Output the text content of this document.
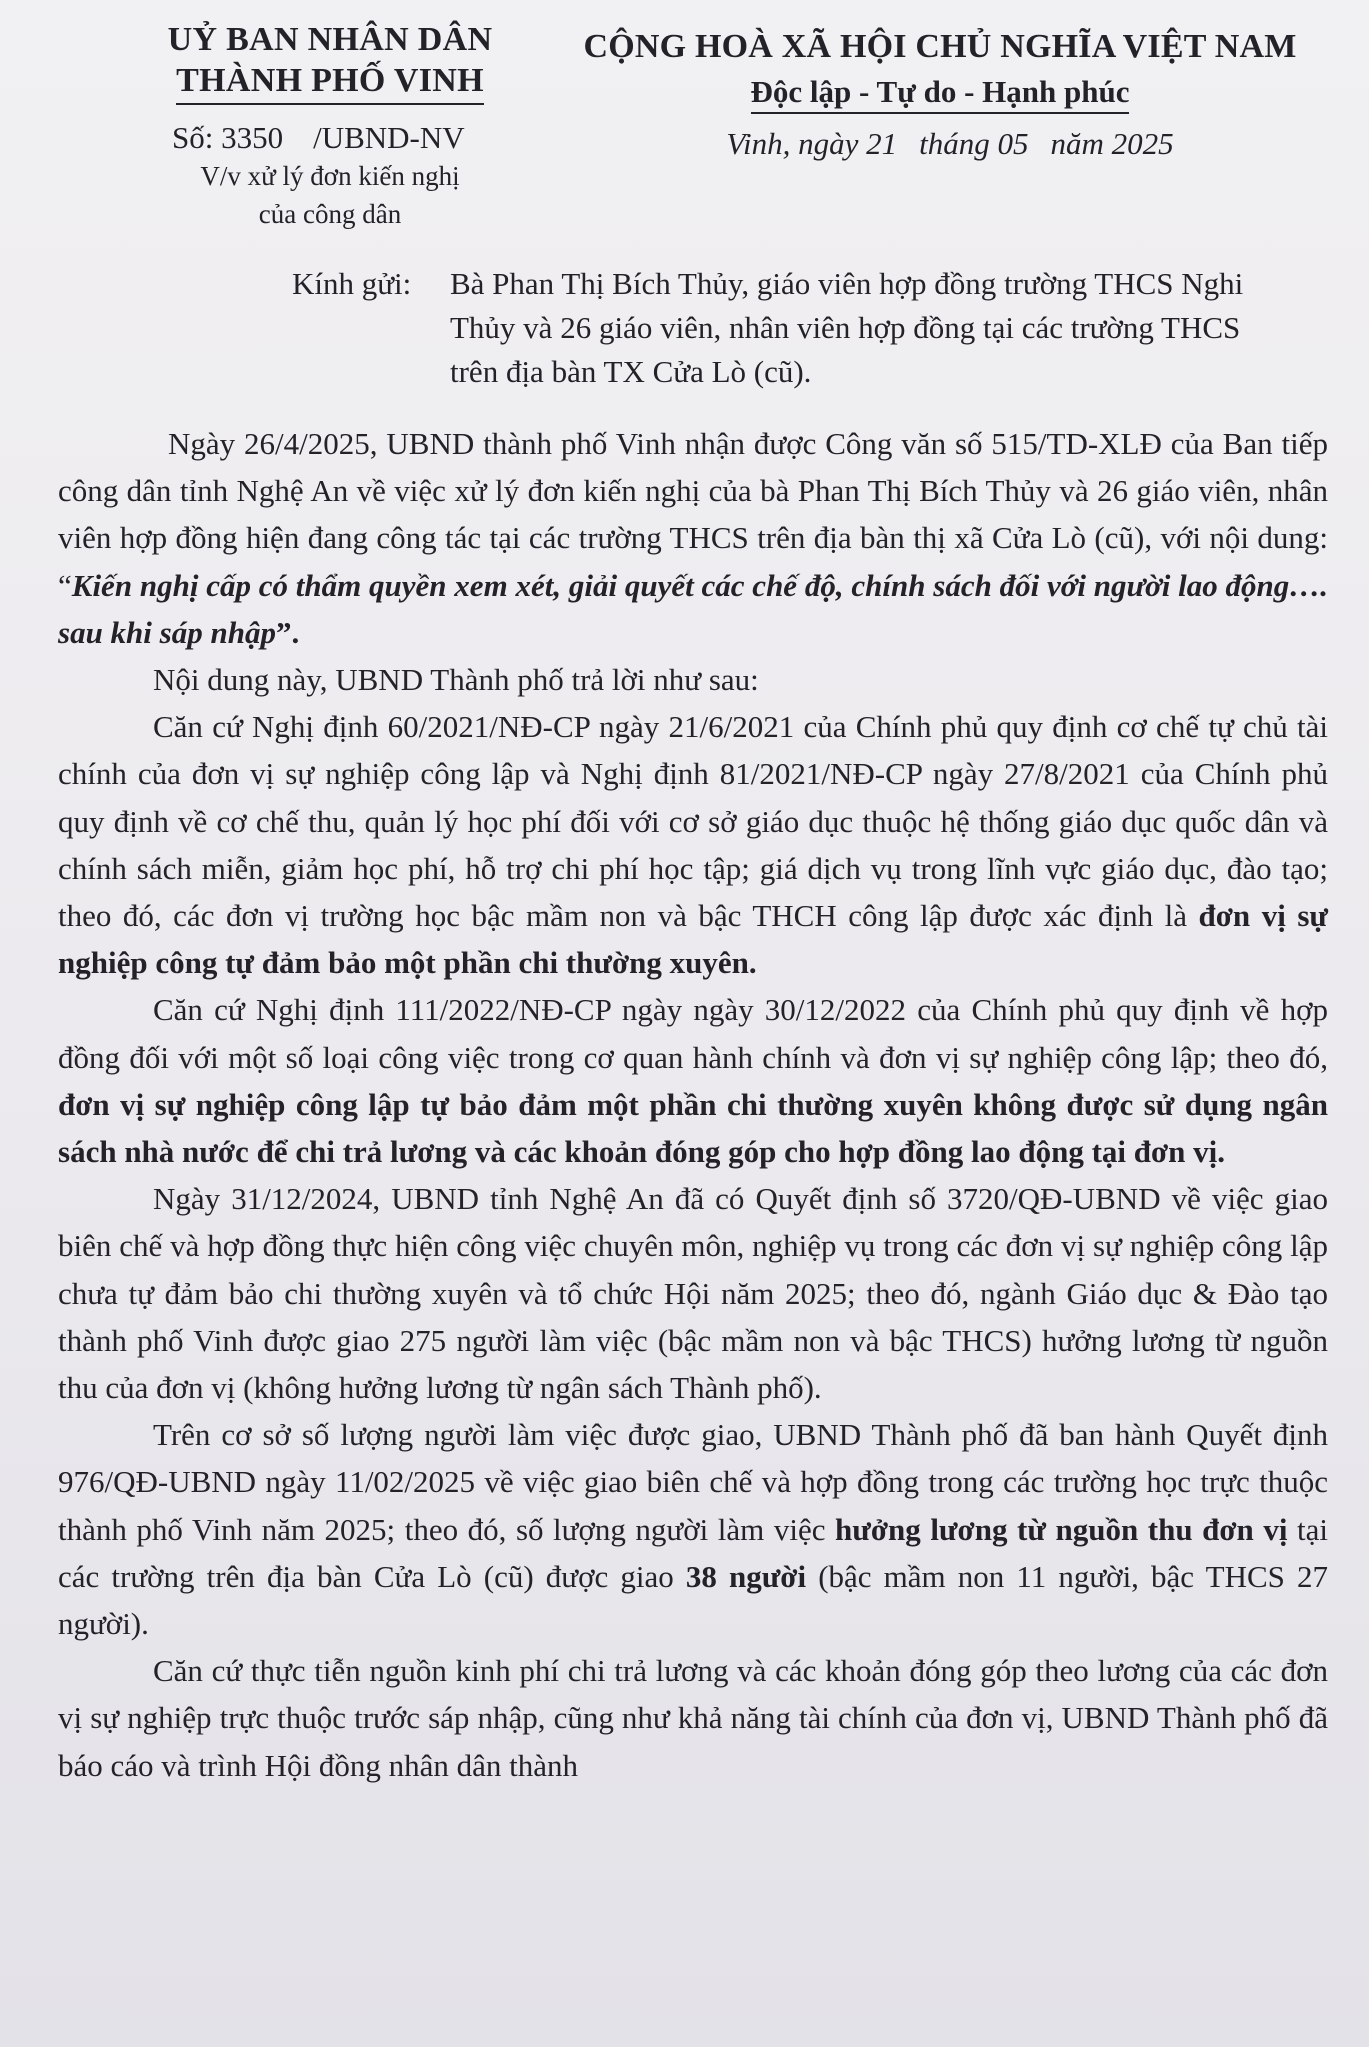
UỶ BAN NHÂN DÂN
THÀNH PHỐ VINH
Số: 3350 /UBND-NV
V/v xử lý đơn kiến nghị
của công dân
CỘNG HOÀ XÃ HỘI CHỦ NGHĨA VIỆT NAM
Độc lập - Tự do - Hạnh phúc
Vinh, ngày 21 tháng 05 năm 2025
Kính gửi: Bà Phan Thị Bích Thủy, giáo viên hợp đồng trường THCS Nghi Thủy và 26 giáo viên, nhân viên hợp đồng tại các trường THCS trên địa bàn TX Cửa Lò (cũ).

Ngày 26/4/2025, UBND thành phố Vinh nhận được Công văn số 515/TD-XLĐ của Ban tiếp công dân tỉnh Nghệ An về việc xử lý đơn kiến nghị của bà Phan Thị Bích Thủy và 26 giáo viên, nhân viên hợp đồng hiện đang công tác tại các trường THCS trên địa bàn thị xã Cửa Lò (cũ), với nội dung: “Kiến nghị cấp có thẩm quyền xem xét, giải quyết các chế độ, chính sách đối với người lao động…. sau khi sáp nhập”.

Nội dung này, UBND Thành phố trả lời như sau:

Căn cứ Nghị định 60/2021/NĐ-CP ngày 21/6/2021 của Chính phủ quy định cơ chế tự chủ tài chính của đơn vị sự nghiệp công lập và Nghị định 81/2021/NĐ-CP ngày 27/8/2021 của Chính phủ quy định về cơ chế thu, quản lý học phí đối với cơ sở giáo dục thuộc hệ thống giáo dục quốc dân và chính sách miễn, giảm học phí, hỗ trợ chi phí học tập; giá dịch vụ trong lĩnh vực giáo dục, đào tạo; theo đó, các đơn vị trường học bậc mầm non và bậc THCH công lập được xác định là đơn vị sự nghiệp công tự đảm bảo một phần chi thường xuyên.

Căn cứ Nghị định 111/2022/NĐ-CP ngày ngày 30/12/2022 của Chính phủ quy định về hợp đồng đối với một số loại công việc trong cơ quan hành chính và đơn vị sự nghiệp công lập; theo đó, đơn vị sự nghiệp công lập tự bảo đảm một phần chi thường xuyên không được sử dụng ngân sách nhà nước để chi trả lương và các khoản đóng góp cho hợp đồng lao động tại đơn vị.

Ngày 31/12/2024, UBND tỉnh Nghệ An đã có Quyết định số 3720/QĐ-UBND về việc giao biên chế và hợp đồng thực hiện công việc chuyên môn, nghiệp vụ trong các đơn vị sự nghiệp công lập chưa tự đảm bảo chi thường xuyên và tổ chức Hội năm 2025; theo đó, ngành Giáo dục & Đào tạo thành phố Vinh được giao 275 người làm việc (bậc mầm non và bậc THCS) hưởng lương từ nguồn thu của đơn vị (không hưởng lương từ ngân sách Thành phố).

Trên cơ sở số lượng người làm việc được giao, UBND Thành phố đã ban hành Quyết định 976/QĐ-UBND ngày 11/02/2025 về việc giao biên chế và hợp đồng trong các trường học trực thuộc thành phố Vinh năm 2025; theo đó, số lượng người làm việc hưởng lương từ nguồn thu đơn vị tại các trường trên địa bàn Cửa Lò (cũ) được giao 38 người (bậc mầm non 11 người, bậc THCS 27 người).

Căn cứ thực tiễn nguồn kinh phí chi trả lương và các khoản đóng góp theo lương của các đơn vị sự nghiệp trực thuộc trước sáp nhập, cũng như khả năng tài chính của đơn vị, UBND Thành phố đã báo cáo và trình Hội đồng nhân dân thành
